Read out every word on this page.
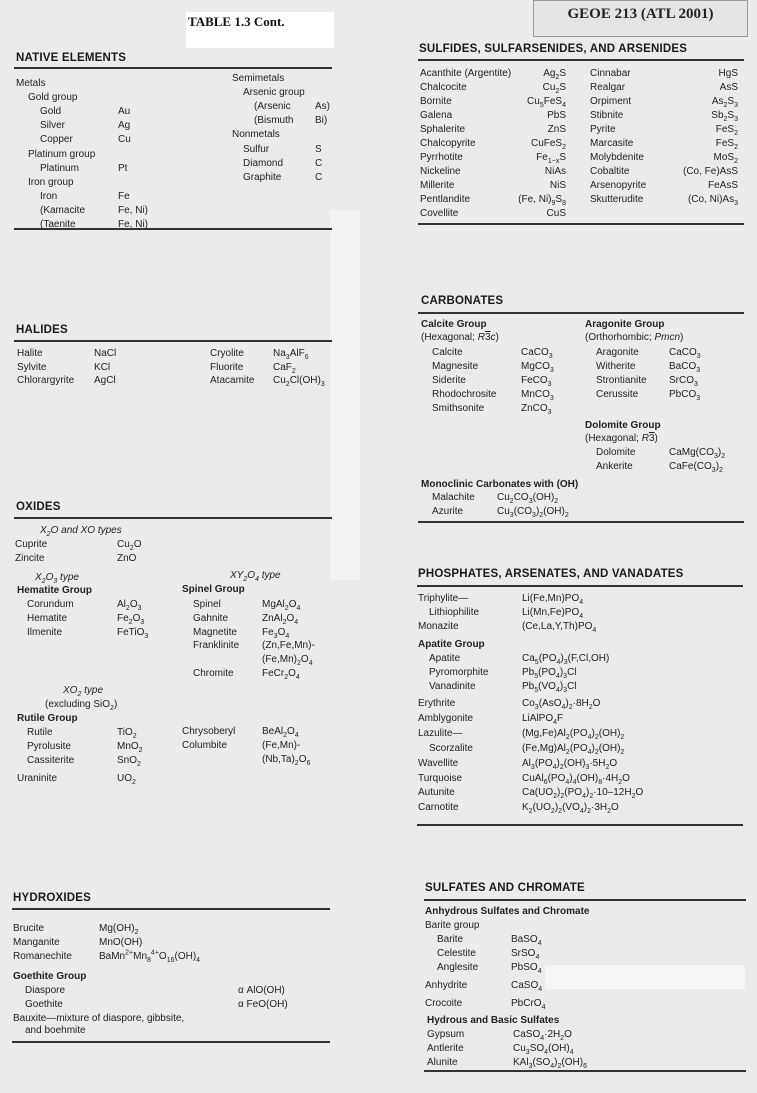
TABLE 1.3 Cont.	GEOE 213 (ATL 2001)
NATIVE ELEMENTS
Metals
Gold group
Gold	Au
Silver	Ag
Copper	Cu
Platinum group
Platinum	Pt
Iron group
Iron	Fe
(Kamacite	Fe, Ni)
(Taenite	Fe, Ni)
Semimetals
Arsenic group
(Arsenic As)
(Bismuth Bi)
Nonmetals
Sulfur	S
Diamond	C
Graphite	C
HALIDES
Halite	NaCl
Sylvite	KCl
Chlorargyrite AgCl
Cryolite	$Na_3AlF_6$
Fluorite	CaF$_2$
Atacamite $Cu_2Cl(OH)_3$
OXIDES
$X_2O$ and XO types
Cuprite	$Cu_2O$
Zincite	ZnO
$X_2O_3$ type
Hematite Group
Corundum	$Al_2O_3$
Hematite	$Fe_2O_3$
Ilmenite	FeTiO$_3$
$XY_2O_4$ type
Spinel Group
Spinel	$MgAl_2O_4$
Gahnite	$ZnAl_2O_4$
Magnetite	$Fe_3O_4$
Franklinite (Zn,Fe,Mn)-
$(Fe,Mn)_2O_4$
Chromite	$FeCr_2O_4$
$XO_2$ type
(excluding SiO$_2$)
Rutile Group
Rutile	TiO$_2$
Pyrolusite	MnO$_2$
Cassiterite	SnO$_2$
Uraninite	$UO_2$
Chrysoberyl	$BeAl_2O_4$
Columbite	(Fe,Mn)-
$(Nb,Ta)_2O_6$
HYDROXIDES
Brucite	$Mg(OH)_2$
Manganite	MnO(OH)
Romanechite	$BaMn^{2+}Mn_8^{4+}O_{16}(OH)_4$
Goethite Group
Diaspore	α AlO(OH)
Goethite	α FeO(OH)
Bauxite—mixture of diaspore, gibbsite,
and boehmite
SULFIDES, SULFARSENIDES, AND ARSENIDES
Acanthite (Argentite)	$Ag_2S$
Chalcocite	$Cu_2S$
Bornite	$Cu_5FeS_4$
Galena	PbS
Sphalerite	ZnS
Chalcopyrite	CuFeS$_2$
Pyrrhotite	$Fe_{1-x}S$
Nickeline	NiAs
Millerite	NiS
Pentlandite	(Fe, $Ni)_9S_8$
Covellite	CuS
Cinnabar	HgS
Realgar	AsS
Orpiment	$As_2S_3$
Stibnite	$Sb_2S_3$
Pyrite	FeS$_2$
Marcasite	FeS$_2$
Molybdenite	MoS$_2$
Cobaltite	(Co, Fe)AsS
Arsenopyrite	FeAsS
Skutterudite	(Co, $Ni)As_3$
CARBONATES
Calcite Group
(Hexagonal; R3c)
Calcite	CaCO$_3$
Magnesite	MgCO$_3$
Siderite	FeCO$_3$
Rhodochrosite MnCO$_3$
Smithsonite	ZnCO$_3$
Aragonite Group
(Orthorhombic; Pmcn)
Aragonite	CaCO$_3$
Witherite	BaCO$_3$
Strontianite SrCO$_3$
Cerussite	PbCO$_3$
Dolomite Group
(Hexagonal; R3)
Dolomite	$CaMg(CO_3)_2$
Ankerite	$CaFe(CO_3)_2$
Monoclinic Carbonates with (OH)
Malachite $Cu_2CO_3(OH)_2$
Azurite	$Cu_3(CO_3)_2(OH)_2$
PHOSPHATES, ARSENATES, AND VANADATES
Triphylite—	$Li(Fe,Mn)PO_4$
Lithiophilite	$Li(Mn,Fe)PO_4$
Monazite	$(Ce,La,Y,Th)PO_4$
Apatite Group
Apatite	$Ca_5(PO_4)_3(F,Cl,OH)$
Pyromorphite	$Pb_5(PO_4)_3Cl$
Vanadinite	$Pb_5(VO_4)_3Cl$
Erythrite	$Co_3(AsO_4)_2\cdot 8H_2O$
Amblygonite	LiAlPO$_4$F
Lazulite—	$(Mg,Fe)Al_2(PO_4)_2(OH)_2$
Scorzalite	$(Fe,Mg)Al_2(PO_4)_2(OH)_2$
Wavellite	$Al_3(PO_4)_2(OH)_3\cdot 5H_2O$
Turquoise	$CuAl_6(PO_4)_4(OH)_8\cdot 4H_2O$
Autunite	$Ca(UO_2)_2(PO_4)_2\cdot 10-12H_2O$
Carnotite	$K_2(UO_2)_2(VO_4)_2\cdot 3H_2O$
SULFATES AND CHROMATE
Anhydrous Sulfates and Chromate
Barite group
Barite	BaSO$_4$
Celestite	SrSO$_4$
Anglesite	PbSO$_4$
Anhydrite	CaSO$_4$
Crocoite	PbCrO$_4$
Hydrous and Basic Sulfates
Gypsum	$CaSO_4\cdot 2H_2O$
Antlerite	$Cu_3SO_4(OH)_4$
Alunite	$KAl_3(SO_4)_2(OH)_6$
